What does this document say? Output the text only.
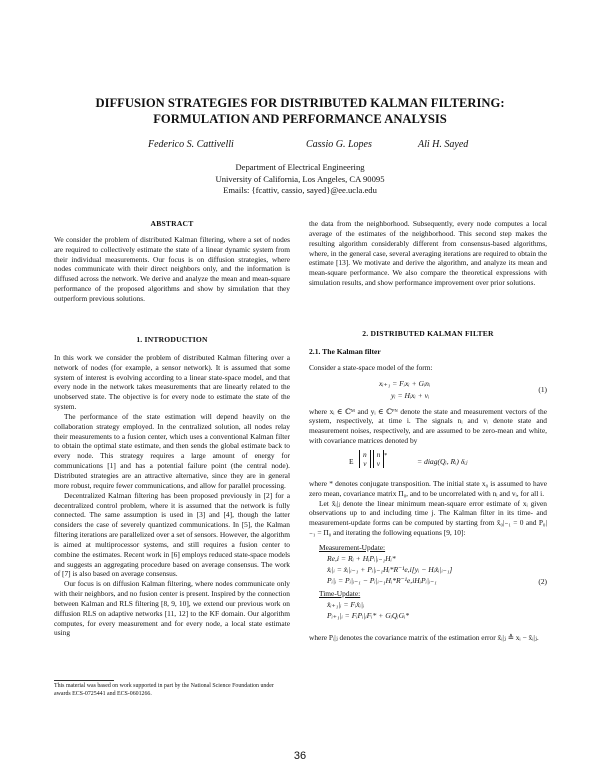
DIFFUSION STRATEGIES FOR DISTRIBUTED KALMAN FILTERING:
FORMULATION AND PERFORMANCE ANALYSIS
Federico S. Cattivelli	Cassio G. Lopes	Ali H. Sayed
Department of Electrical Engineering
University of California, Los Angeles, CA 90095
Emails: {fcattiv, cassio, sayed}@ee.ucla.edu
ABSTRACT

We consider the problem of distributed Kalman filtering, where a set of nodes are required to collectively estimate the state of a linear dynamic system from their individual measurements. Our focus is on diffusion strategies, where nodes communicate with their direct neighbors only, and the information is diffused across the network. We derive and analyze the mean and mean-square performance of the proposed algorithms and show by simulation that they outperform previous solutions.

1. INTRODUCTION

In this work we consider the problem of distributed Kalman filtering over a network of nodes (for example, a sensor network). It is assumed that some system of interest is evolving according to a linear state-space model, and that every node in the network takes measurements that are linearly related to the unobserved state. The objective is for every node to estimate the state of the system.

The performance of the state estimation will depend heavily on the collaboration strategy employed. In the centralized solution, all nodes relay their measurements to a fusion center, which uses a conventional Kalman filter to obtain the optimal state estimate, and then sends the global estimate back to every node. This strategy requires a large amount of energy for communications [1] and has a potential failure point (the central node). Distributed strategies are an attractive alternative, since they are in general more robust, require fewer communications, and allow for parallel processing.

Decentralized Kalman filtering has been proposed previously in [2] for a decentralized control problem, where it is assumed that the network is fully connected. The same assumption is used in [3] and [4], though the latter considers the case of severely quantized communications. In [5], the Kalman filtering iterations are parallelized over a set of sensors. However, the algorithm is aimed at multiprocessor systems, and still requires a fusion center to combine the estimates. Recent work in [6] employs reduced state-space models and suggests an aggregating procedure based on average consensus. The work of [7] is also based on average consensus.

Our focus is on diffusion Kalman filtering, where nodes communicate only with their neighbors, and no fusion center is present. Inspired by the connection between Kalman and RLS filtering [8, 9, 10], we extend our previous work on diffusion RLS on adaptive networks [11, 12] to the KF domain. Our algorithm computes, for every measurement and for every node, a local state estimate using

This material was based on work supported in part by the National Science Foundation under awards ECS-0725441 and ECS-0601266.

the data from the neighborhood. Subsequently, every node computes a local average of the estimates of the neighborhood. This second step makes the resulting algorithm considerably different from consensus-based algorithms, where, in the general case, several averaging iterations are required to obtain the estimate [13]. We motivate and derive the algorithm, and analyze its mean and mean-square performance. We also compare the theoretical expressions with simulation results, and show performance improvement over prior solutions.

2. DISTRIBUTED KALMAN FILTER
2.1. The Kalman filter

Consider a state-space model of the form:

xᵢ₊₁ = Fᵢxᵢ + Gᵢnᵢ
yᵢ = Hᵢxᵢ + vᵢ
(1)

where xᵢ ∈ ℂᴹ and yᵢ ∈ ℂᴾᴺ denote the state and measurement vectors of the system, respectively, at time i. The signals nᵢ and vᵢ denote state and measurement noises, respectively, and are assumed to be zero-mean and white, with covariance matrices denoted by

E
n
v n
v*
= diag(Qᵢ, Rᵢ) δᵢⱼ

where * denotes conjugate transposition. The initial state x₀ is assumed to have zero mean, covariance matrix Π₀, and to be uncorrelated with nᵢ and vᵢ, for all i.

Let x̂ᵢ|ⱼ denote the linear minimum mean-square error estimate of xᵢ given observations up to and including time j. The Kalman filter in its time- and measurement-update forms can be computed by starting from x̂₀|₋₁ = 0 and P₀|₋₁ = Π₀ and iterating the following equations [9, 10]:

Measurement-Update:
Re,i = Rᵢ + HᵢPᵢ|ᵢ₋₁Hᵢ*
x̂ᵢ|ᵢ = x̂ᵢ|ᵢ₋₁ + Pᵢ|ᵢ₋₁Hᵢ*R⁻¹e,i[yᵢ − Hᵢx̂ᵢ|ᵢ₋₁]
Pᵢ|ᵢ = Pᵢ|ᵢ₋₁ − Pᵢ|ᵢ₋₁Hᵢ*R⁻¹e,iHᵢPᵢ|ᵢ₋₁
Time-Update:
x̂ᵢ₊₁|ᵢ = Fᵢx̂ᵢ|ᵢ
Pᵢ₊₁|ᵢ = FᵢPᵢ|ᵢFᵢ* + GᵢQᵢGᵢ*
(2)

where Pᵢ|ⱼ denotes the covariance matrix of the estimation error x̃ᵢ|ⱼ ≙ xᵢ − x̂ᵢ|ⱼ.

36
